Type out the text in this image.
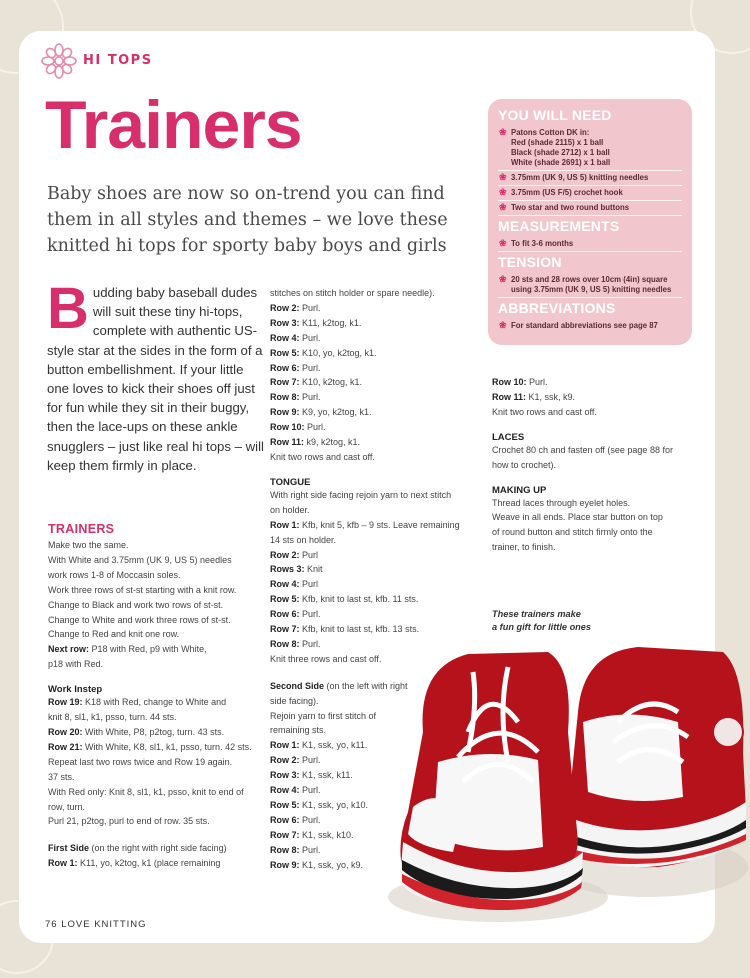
HI TOPS
Trainers
Baby shoes are now so on-trend you can find them in all styles and themes – we love these knitted hi tops for sporty baby boys and girls
Budding baby baseball dudes will suit these tiny hi-tops, complete with authentic US-style star at the sides in the form of a button embellishment. If your little one loves to kick their shoes off just for fun while they sit in their buggy, then the lace-ups on these ankle snugglers – just like real hi tops – will keep them firmly in place.
TRAINERS
Make two the same.
With White and 3.75mm (UK 9, US 5) needles
work rows 1-8 of Moccasin soles.
Work three rows of st-st starting with a knit row.
Change to Black and work two rows of st-st.
Change to White and work three rows of st-st.
Change to Red and knit one row.
Next row: P18 with Red, p9 with White,
p18 with Red.
Work Instep
Row 19: K18 with Red, change to White and
knit 8, sl1, k1, psso, turn. 44 sts.
Row 20: With White, P8, p2tog, turn. 43 sts.
Row 21: With White, K8, sl1, k1, psso, turn. 42 sts.
Repeat last two rows twice and Row 19 again.
37 sts.
With Red only: Knit 8, sl1, k1, psso, knit to end of
row, turn.
Purl 21, p2tog, purl to end of row. 35 sts.
First Side (on the right with right side facing)
Row 1: K11, yo, k2tog, k1 (place remaining
stitches on stitch holder or spare needle).
Row 2: Purl.
Row 3: K11, k2tog, k1.
Row 4: Purl.
Row 5: K10, yo, k2tog, k1.
Row 6: Purl.
Row 7: K10, k2tog, k1.
Row 8: Purl.
Row 9: K9, yo, k2tog, k1.
Row 10: Purl.
Row 11: k9, k2tog, k1.
Knit two rows and cast off.
TONGUE
With right side facing rejoin yarn to next stitch
on holder.
Row 1: Kfb, knit 5, kfb – 9 sts. Leave remaining
14 sts on holder.
Row 2: Purl
Rows 3: Knit
Row 4: Purl
Row 5: Kfb, knit to last st, kfb. 11 sts.
Row 6: Purl.
Row 7: Kfb, knit to last st, kfb. 13 sts.
Row 8: Purl.
Knit three rows and cast off.
Second Side (on the left with right
side facing).
Rejoin yarn to first stitch of
remaining sts.
Row 1: K1, ssk, yo, k11.
Row 2: Purl.
Row 3: K1, ssk, k11.
Row 4: Purl.
Row 5: K1, ssk, yo, k10.
Row 6: Purl.
Row 7: K1, ssk, k10.
Row 8: Purl.
Row 9: K1, ssk, yo, k9.
Row 10: Purl.
Row 11: K1, ssk, k9.
Knit two rows and cast off.
LACES
Crochet 80 ch and fasten off (see page 88 for
how to crochet).
MAKING UP
Thread laces through eyelet holes.
Weave in all ends. Place star button on top
of round button and stitch firmly onto the
trainer, to finish.
YOU WILL NEED
❀ Patons Cotton DK in:
Red (shade 2115) x 1 ball
Black (shade 2712) x 1 ball
White (shade 2691) x 1 ball
❀ 3.75mm (UK 9, US 5) knitting needles
❀ 3.75mm (US F/5) crochet hook
❀ Two star and two round buttons
MEASUREMENTS
❀ To fit 3-6 months
TENSION
❀ 20 sts and 28 rows over 10cm (4in) square
using 3.75mm (UK 9, US 5) knitting needles
ABBREVIATIONS
❀ For standard abbreviations see page 87
These trainers make
a fun gift for little ones
76 LOVE KNITTING
